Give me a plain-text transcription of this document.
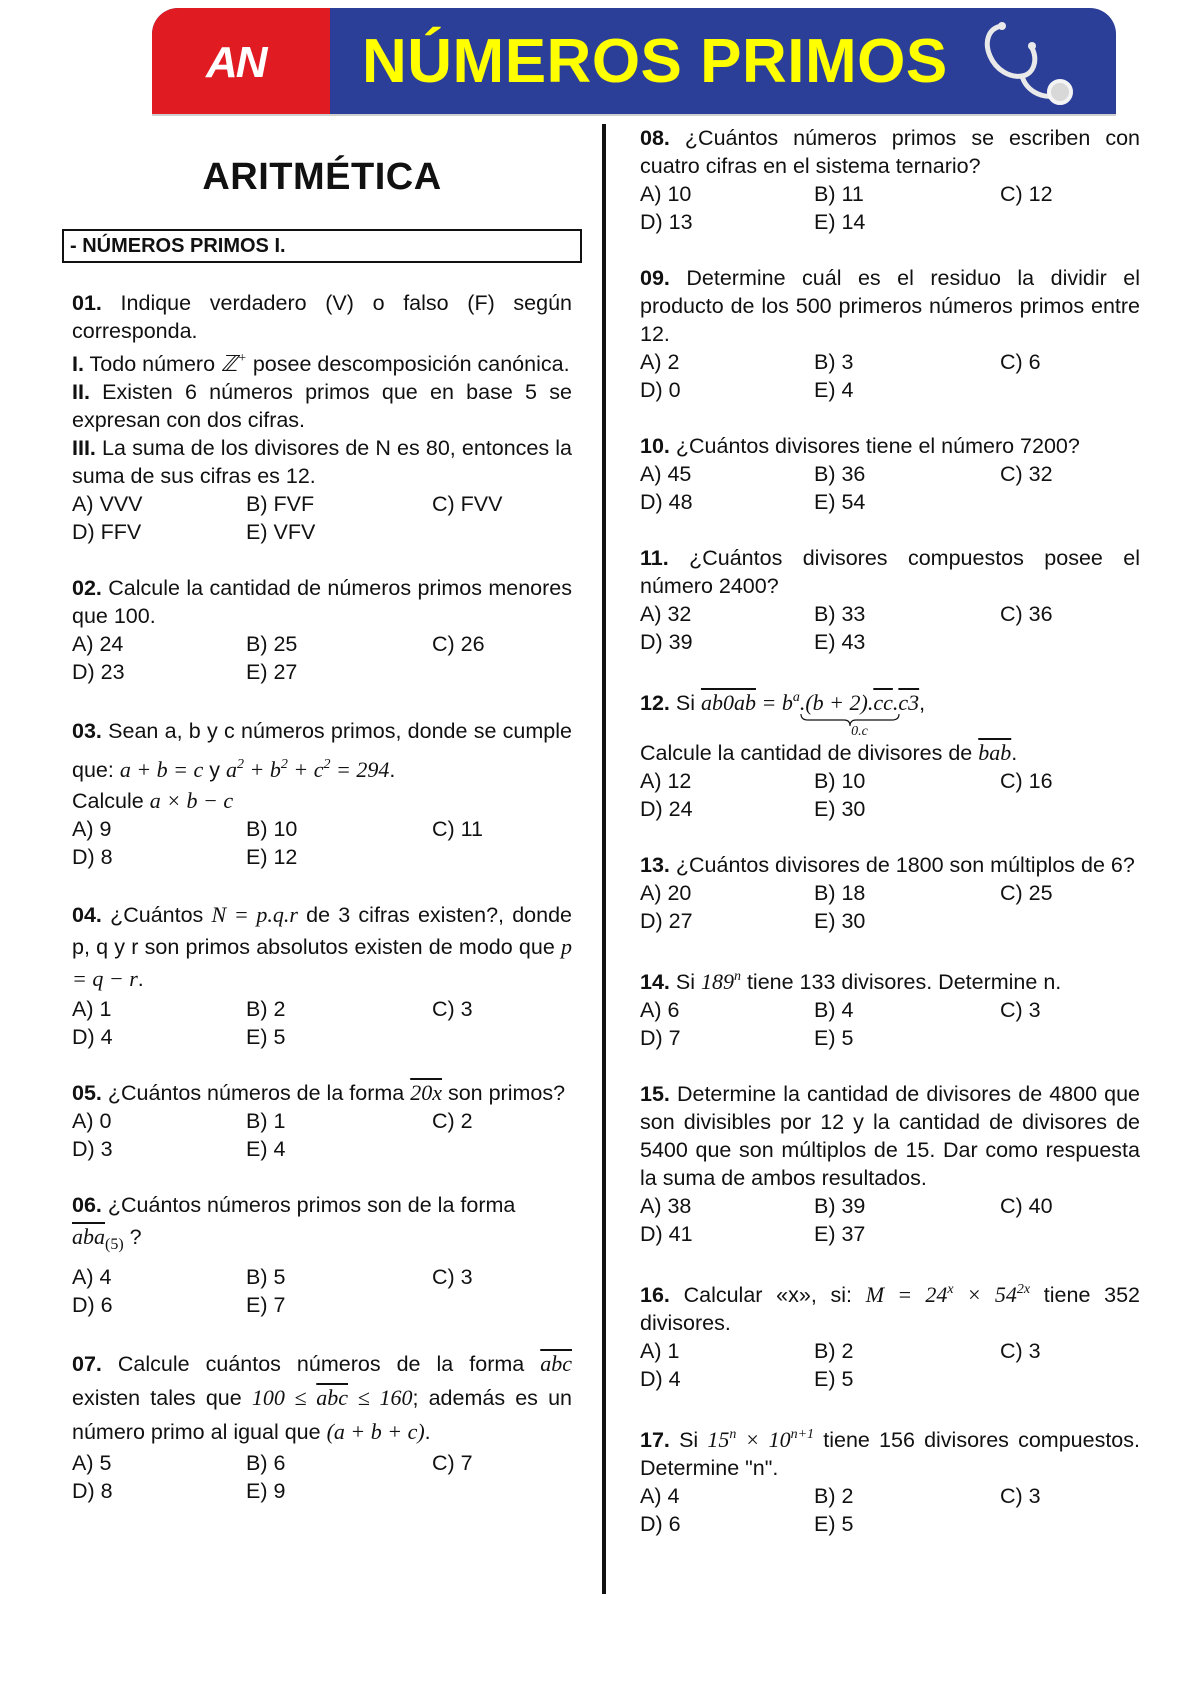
AN NÚMEROS PRIMOS
ARITMÉTICA
- NÚMEROS PRIMOS I.

01. Indique verdadero (V) o falso (F) según corresponda.

I. Todo número ℤ+ posee descomposición canónica.

II. Existen 6 números primos que en base 5 se expresan con dos cifras.

III. La suma de los divisores de N es 80, entonces la suma de sus cifras es 12.

A) VVV	B) FVF	C) FVV
D) FFV	E) VFV

02. Calcule la cantidad de números primos menores que 100.

A) 24	B) 25	C) 26
D) 23	E) 27

03. Sean a, b y c números primos, donde se cumple que: a + b = c y $a^2 + b^2 + c^2 = 294$.

Calcule a × b − c

A) 9	B) 10	C) 11
D) 8	E) 12

04. ¿Cuántos N = p.q.r de 3 cifras existen?, donde p, q y r son primos absolutos existen de modo que p = q − r.

A) 1	B) 2	C) 3
D) 4	E) 5

05. ¿Cuántos números de la forma 20x son primos?

A) 0	B) 1	C) 2
D) 3	E) 4

06. ¿Cuántos números primos son de la forma

$\overline{aba}_{(5)}$ ?

A) 4	B) 5	C) 3
D) 6	E) 7

07. Calcule cuántos números de la forma $\overline{abc}$ existen tales que $100 \le \overline{abc} \le 160$; además es un número primo al igual que (a + b + c).

A) 5	B) 6	C) 7
D) 8	E) 9

08. ¿Cuántos números primos se escriben con cuatro cifras en el sistema ternario?

A) 10	B) 11	C) 12
D) 13	E) 14

09. Determine cuál es el residuo la dividir el producto de los 500 primeros números primos entre 12.

A) 2	B) 3	C) 6
D) 0	E) 4

10. ¿Cuántos divisores tiene el número 7200?

A) 45	B) 36	C) 32
D) 48	E) 54

11. ¿Cuántos divisores compuestos posee el número 2400?

A) 32	B) 33	C) 36
D) 39	E) 43

12. Si $ab0ab = b^a.(b + 2).\overline{cc}.c3$
0.c
,

Calcule la cantidad de divisores de $\overline{bab}$.

A) 12	B) 10	C) 16
D) 24	E) 30

13. ¿Cuántos divisores de 1800 son múltiplos de 6?

A) 20	B) 18	C) 25
D) 27	E) 30

14. Si 189$^n$ tiene 133 divisores. Determine n.

A) 6	B) 4	C) 3
D) 7	E) 5

15. Determine la cantidad de divisores de 4800 que son divisibles por 12 y la cantidad de divisores de 5400 que son múltiplos de 15. Dar como respuesta la suma de ambos resultados.

A) 38	B) 39	C) 40
D) 41	E) 37

16. Calcular «x», si: $M = 24^x \times 54^{2x}$ tiene 352 divisores.

A) 1	B) 2	C) 3
D) 4	E) 5

17. Si $15^n \times 10^{n+1}$ tiene 156 divisores compuestos. Determine "n".

A) 4	B) 2	C) 3
D) 6	E) 5
